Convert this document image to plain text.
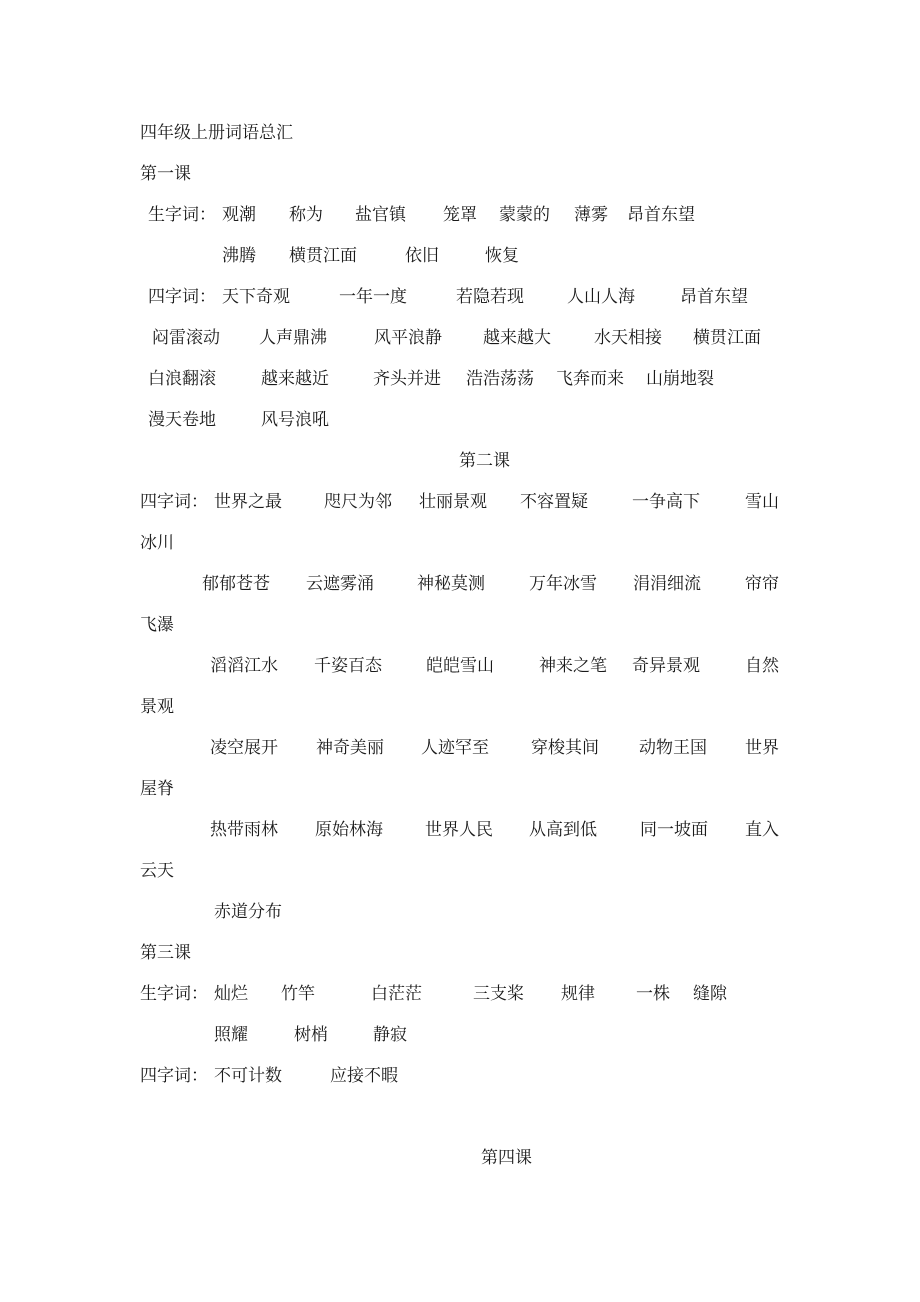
四年级上册词语总汇
第一课
生字词： 观潮 称为 盐官镇 笼罩 蒙蒙的 薄雾 昂首东望
沸腾 横贯江面	依旧	恢复
四字词： 天下奇观	一年一度	若隐若现	人山人海	昂首东望
闷雷滚动 人声鼎沸	风平浪静 越来越大	水天相接 横贯江面
白浪翻滚	越来越近	齐头并进 浩浩荡荡 飞奔而来 山崩地裂
漫天卷地	风号浪吼
第二课
四字词： 世界之最 咫尺为邻 壮丽景观 不容置疑	一争高下	雪山
冰川
郁郁苍苍 云遮雾涌	神秘莫测	万年冰雪 涓涓细流	帘帘
飞瀑
滔滔江水 千姿百态	皑皑雪山	神来之笔 奇异景观	自然
景观
凌空展开 神奇美丽 人迹罕至 穿梭其间 动物王国 世界
屋脊
热带雨林 原始林海 世界人民 从高到低	同一坡面 直入
云天
赤道分布
第三课
生字词： 灿烂 竹竿	白茫茫	三支桨 规律 一株 缝隙
照耀	树梢	静寂
四字词： 不可计数	应接不暇
第四课
